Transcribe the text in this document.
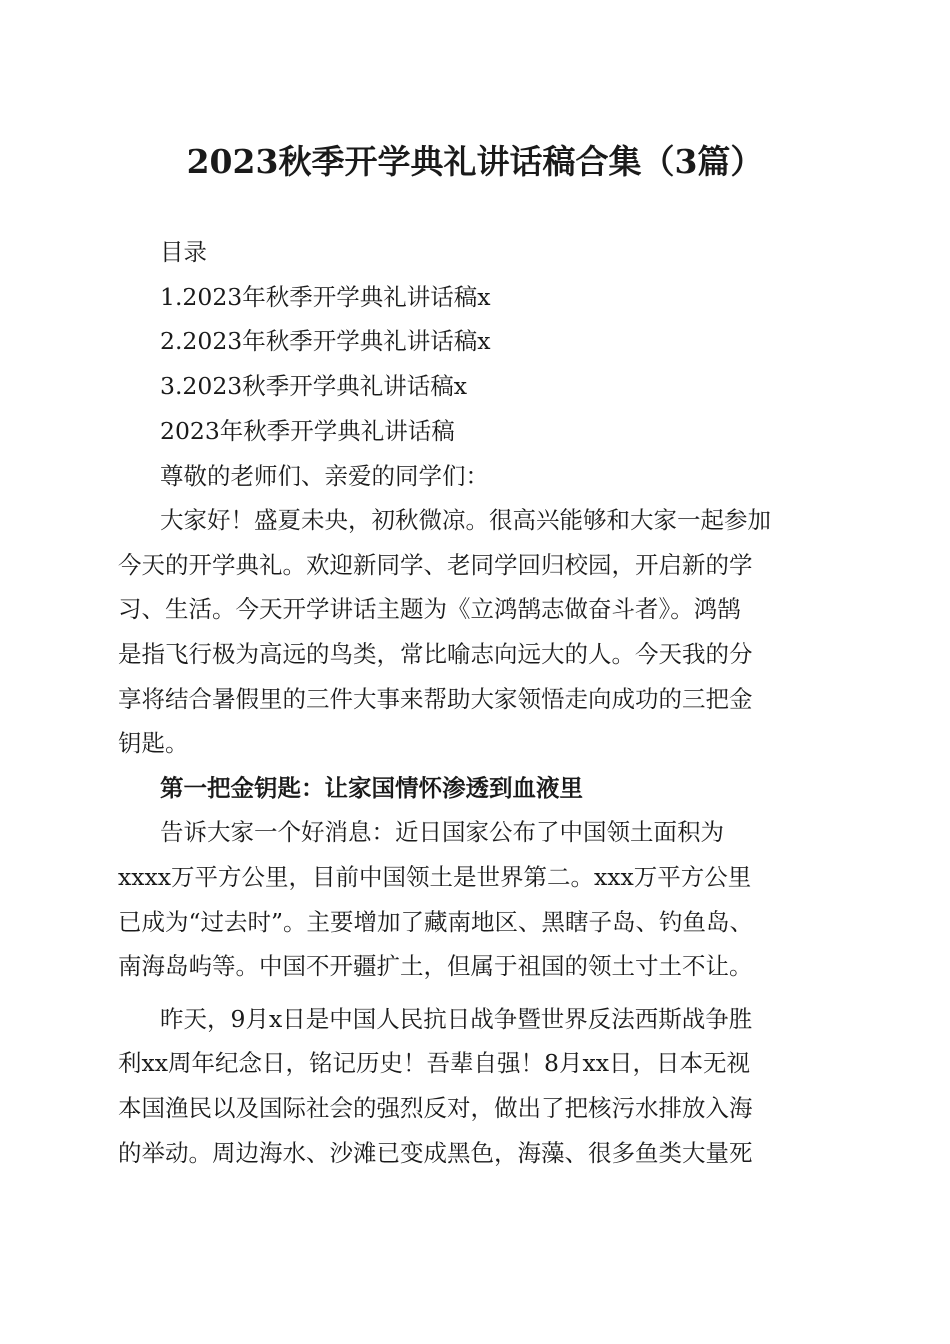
2023秋季开学典礼讲话稿合集（3篇）
目录
1.2023年秋季开学典礼讲话稿x
2.2023年秋季开学典礼讲话稿x
3.2023秋季开学典礼讲话稿x
2023年秋季开学典礼讲话稿
尊敬的老师们、亲爱的同学们：
大家好！盛夏未央，初秋微凉。很高兴能够和大家一起参加
今天的开学典礼。欢迎新同学、老同学回归校园，开启新的学
习、生活。今天开学讲话主题为《立鸿鹄志做奋斗者》。鸿鹄
是指飞行极为高远的鸟类，常比喻志向远大的人。今天我的分
享将结合暑假里的三件大事来帮助大家领悟走向成功的三把金
钥匙。
第一把金钥匙：让家国情怀渗透到血液里
告诉大家一个好消息：近日国家公布了中国领土面积为
xxxx万平方公里，目前中国领土是世界第二。xxx万平方公里
已成为“过去时”。主要增加了藏南地区、黑瞎子岛、钓鱼岛、
南海岛屿等。中国不开疆扩土，但属于祖国的领土寸土不让。
昨天，9月x日是中国人民抗日战争暨世界反法西斯战争胜
利xx周年纪念日，铭记历史！吾辈自强！8月xx日，日本无视
本国渔民以及国际社会的强烈反对，做出了把核污水排放入海
的举动。周边海水、沙滩已变成黑色，海藻、很多鱼类大量死
